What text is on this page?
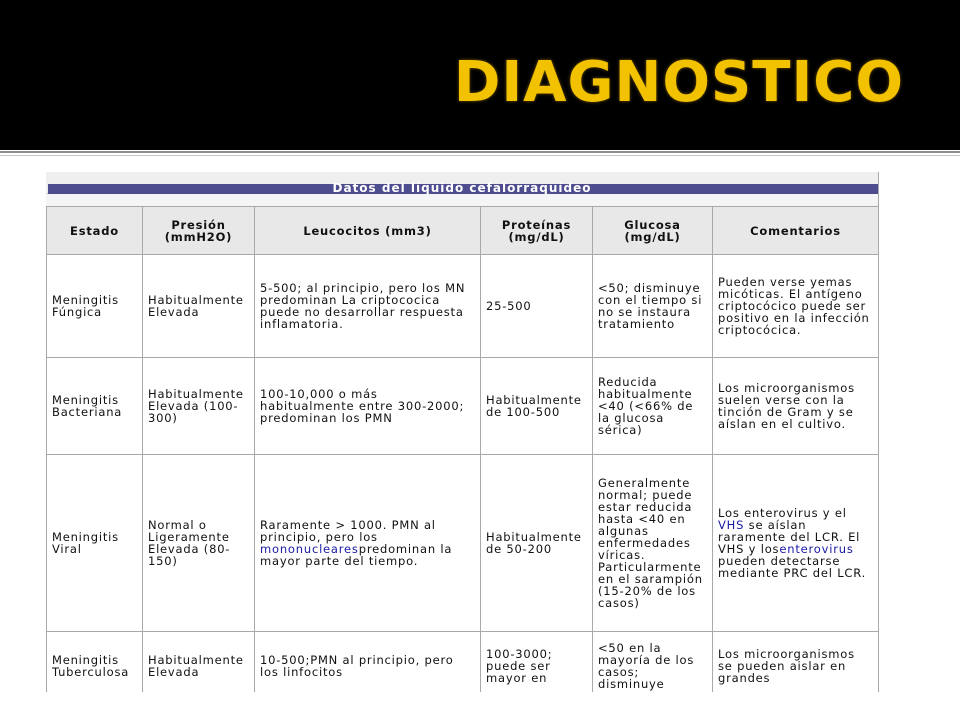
DIAGNOSTICO
Datos del líquido cefalorraquídeo
Estado	Presión (mmH2O)	Leucocitos (mm3)	Proteínas (mg/dL)	Glucosa (mg/dL)	Comentarios
Meningitis Fúngica	Habitualmente Elevada	5-500; al principio, pero los MN predominan La criptococica puede no desarrollar respuesta inflamatoria.	25-500	<50; disminuye con el tiempo si no se instaura tratamiento	Pueden verse yemas micóticas. El antígeno criptocócico puede ser positivo en la infección criptocócica.
Meningitis Bacteriana	Habitualmente Elevada (100-300)	100-10,000 o más habitualmente entre 300-2000; predominan los PMN	Habitualmente de 100-500	Reducida habitualmente <40 (<66% de la glucosa sérica)	Los microorganismos suelen verse con la tinción de Gram y se aíslan en el cultivo.
Meningitis Viral	Normal o Ligeramente Elevada (80-150)	Raramente > 1000. PMN al principio, pero los mononuclearespredominan la mayor parte del tiempo.	Habitualmente de 50-200	Generalmente normal; puede estar reducida hasta <40 en algunas enfermedades víricas. Particularmente en el sarampión (15-20% de los casos)	Los enterovirus y el VHS se aíslan raramente del LCR. El VHS y losenterovirus pueden detectarse mediante PRC del LCR.
Meningitis Tuberculosa	Habitualmente Elevada	10-500;PMN al principio, pero los linfocitos	100-3000; puede ser mayor en	<50 en la mayoría de los casos; disminuye	Los microorganismos se pueden aislar en grandes
